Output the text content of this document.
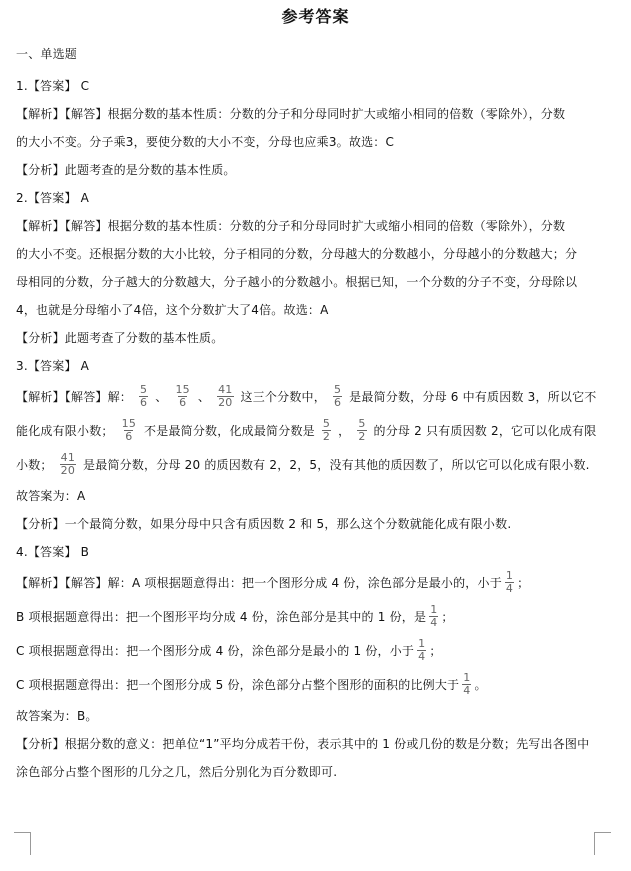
参考答案
一、单选题
1.【答案】 C
【解析】【解答】根据分数的基本性质：分数的分子和分母同时扩大或缩小相同的倍数（零除外），分数
的大小不变。分子乘3，要使分数的大小不变，分母也应乘3。故选：C
【分析】此题考查的是分数的基本性质。
2.【答案】 A
【解析】【解答】根据分数的基本性质：分数的分子和分母同时扩大或缩小相同的倍数（零除外），分数
的大小不变。还根据分数的大小比较，分子相同的分数，分母越大的分数越小，分母越小的分数越大；分
母相同的分数，分子越大的分数越大，分子越小的分数越小。根据已知，一个分数的分子不变，分母除以
4，也就是分母缩小了4倍，这个分数扩大了4倍。故选：A
【分析】此题考查了分数的基本性质。
3.【答案】 A
【解析】【解答】解： $\frac{5}{6}$ 、 $\frac{15}{6}$ 、 $\frac{41}{20}$ 这三个分数中， $\frac{5}{6}$ 是最简分数，分母 6 中有质因数 3，所以它不
能化成有限小数； $\frac{15}{6}$ 不是最简分数，化成最简分数是 $\frac{5}{2}$ ， $\frac{5}{2}$ 的分母 2 只有质因数 2，它可以化成有限
小数； $\frac{41}{20}$ 是最简分数，分母 20 的质因数有 2，2，5，没有其他的质因数了，所以它可以化成有限小数.
故答案为：A
【分析】一个最简分数，如果分母中只含有质因数 2 和 5，那么这个分数就能化成有限小数.
4.【答案】 B
【解析】【解答】解：A 项根据题意得出：把一个图形分成 4 份，涂色部分是最小的，小于 $\frac{1}{4}$ ；
B 项根据题意得出：把一个图形平均分成 4 份，涂色部分是其中的 1 份，是 $\frac{1}{4}$ ；
C 项根据题意得出：把一个图形分成 4 份，涂色部分是最小的 1 份，小于 $\frac{1}{4}$ ；
C 项根据题意得出：把一个图形分成 5 份，涂色部分占整个图形的面积的比例大于 $\frac{1}{4}$ 。
故答案为：B。
【分析】根据分数的意义：把单位“1”平均分成若干份，表示其中的 1 份或几份的数是分数；先写出各图中
涂色部分占整个图形的几分之几，然后分别化为百分数即可.
